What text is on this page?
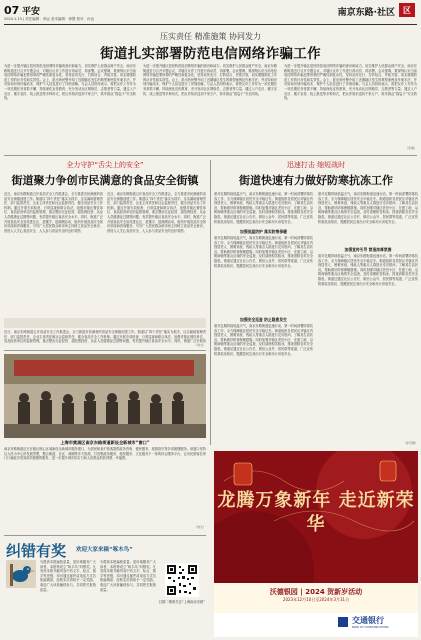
07 平安
2024.1.10 | 责任编辑：李远 美术编辑：徐慧 校对：孙良
南京东路·社区	区
压实责任 精准施策 协同发力
街道扎实部署防范电信网络诈骗工作
为进一步提升辖区居民防范电信网络诈骗的意识和能力，切实维护人民群众财产安全，南京东路街道近日召开专题会议，对辖区反诈工作进行再动员、再部署。会议强调，要深刻认识当前电信网络诈骗犯罪形势的严峻性和复杂性，坚持宣传先行、打防结合、齐抓共管，切实增强防范工作的针对性和实效性。会上，派出所民警介绍了近期辖区发生的典型案例及作案手法，并对如何识别诈骗话术、保护个人信息进行了详细讲解。与会人员纷纷表示，将把反诈工作作为一项长期任务常抓不懈，持续深化宣传教育，充分发动社区网格员、志愿者等力量，通过入户走访、楼宇宣传、线上推送等多种形式，把反诈知识送到千家万户，筑牢群众“钱袋子”安全防线。
为进一步提升辖区居民防范电信网络诈骗的意识和能力，切实维护人民群众财产安全，南京东路街道近日召开专题会议，对辖区反诈工作进行再动员、再部署。会议强调，要深刻认识当前电信网络诈骗犯罪形势的严峻性和复杂性，坚持宣传先行、打防结合、齐抓共管，切实增强防范工作的针对性和实效性。会上，派出所民警介绍了近期辖区发生的典型案例及作案手法，并对如何识别诈骗话术、保护个人信息进行了详细讲解。与会人员纷纷表示，将把反诈工作作为一项长期任务常抓不懈，持续深化宣传教育，充分发动社区网格员、志愿者等力量，通过入户走访、楼宇宣传、线上推送等多种形式，把反诈知识送到千家万户，筑牢群众“钱袋子”安全防线。
为进一步提升辖区居民防范电信网络诈骗的意识和能力，切实维护人民群众财产安全，南京东路街道近日召开专题会议，对辖区反诈工作进行再动员、再部署。会议强调，要深刻认识当前电信网络诈骗犯罪形势的严峻性和复杂性，坚持宣传先行、打防结合、齐抓共管，切实增强防范工作的针对性和实效性。会上，派出所民警介绍了近期辖区发生的典型案例及作案手法，并对如何识别诈骗话术、保护个人信息进行了详细讲解。与会人员纷纷表示，将把反诈工作作为一项长期任务常抓不懈，持续深化宣传教育，充分发动社区网格员、志愿者等力量，通过入户走访、楼宇宣传、线上推送等多种形式，把反诈知识送到千家万户，筑牢群众“钱袋子”安全防线。
（李瑜）
全力守护“舌尖上的安全”
街道聚力争创市民满意的食品安全街镇
近日，南京东路街道召开食品安全工作推进会，全力推进市民满意的食品安全街镇创建工作。街道以“四个责任”落实为抓手，压实属地管理责任、部门监管责任、企业主体责任和社会监督责任，健全食品安全工作机制。通过开展专项检查、日常巡查和联合执法，加强对辖区餐饮单位、食品经营单位的监督管理，重点整治无证经营、超范围经营、从业人员健康证过期等问题，有效提升辖区食品安全水平。同时，街道广泛开展食品安全宣传进社区、进楼宇、进商圈活动，组织开展食品安全知识讲座和咨询服务，引导广大居民群众和市场主体树立食品安全意识，营造人人关心食品安全、人人参与食品安全的良好氛围。
近日，南京东路街道召开食品安全工作推进会，全力推进市民满意的食品安全街镇创建工作。街道以“四个责任”落实为抓手，压实属地管理责任、部门监管责任、企业主体责任和社会监督责任，健全食品安全工作机制。通过开展专项检查、日常巡查和联合执法，加强对辖区餐饮单位、食品经营单位的监督管理，重点整治无证经营、超范围经营、从业人员健康证过期等问题，有效提升辖区食品安全水平。同时，街道广泛开展食品安全宣传进社区、进楼宇、进商圈活动，组织开展食品安全知识讲座和咨询服务，引导广大居民群众和市场主体树立食品安全意识，营造人人关心食品安全、人人参与食品安全的良好氛围。
近日，南京东路街道召开食品安全工作推进会，全力推进市民满意的食品安全街镇创建工作。街道以“四个责任”落实为抓手，压实属地管理责任、部门监管责任、企业主体责任和社会监督责任，健全食品安全工作机制。通过开展专项检查、日常巡查和联合执法，加强对辖区餐饮单位、食品经营单位的监督管理，重点整治无证经营、超范围经营、从业人员健康证过期等问题，有效提升辖区食品安全水平。同时，街道广泛开展食
（刘文）
迅速打击 缩短战时
街道快速有力做好防寒抗冻工作
面对近期持续低温天气，南京东路街道迅速行动，第一时间部署防寒抗冻工作，全力保障辖区居民安全平稳过冬。街道组织各居民区对辖区内独居老人、困难家庭、残疾人等重点人群进行走访慰问，了解其生活状况，帮助做好防寒保暖措施。同时加强对辖区老旧小区、在建工地、沿街商铺等重点区域的安全巡查，及时清理积雪积冰，排查消除各类安全隐患。街道还通过社区公告栏、微信公众号、居民群等渠道，广泛宣传防寒抗冻知识，提醒居民注意出行安全和用火用电安全。
加强低温防护 落实防寒保暖
面对近期持续低温天气，南京东路街道迅速行动，第一时间部署防寒抗冻工作，全力保障辖区居民安全平稳过冬。街道组织各居民区对辖区内独居老人、困难家庭、残疾人等重点人群进行走访慰问，了解其生活状况，帮助做好防寒保暖措施。同时加强对辖区老旧小区、在建工地、沿街商铺等重点区域的安全巡查，及时清理积雪积冰，排查消除各类安全隐患。街道还通过社区公告栏、微信公众号、居民群等渠道，广泛宣传防寒抗冻知识，提醒居民注意出行安全和用火用电安全。
加强安全巡查 防止隐患发生
面对近期持续低温天气，南京东路街道迅速行动，第一时间部署防寒抗冻工作，全力保障辖区居民安全平稳过冬。街道组织各居民区对辖区内独居老人、困难家庭、残疾人等重点人群进行走访慰问，了解其生活状况，帮助做好防寒保暖措施。同时加强对辖区老旧小区、在建工地、沿街商铺等重点区域的安全巡查，及时清理积雪积冰，排查消除各类安全隐患。街道还通过社区公告栏、微信公众号、居民群等渠道，广泛宣传防寒抗冻知识，提醒居民注意出行安全和用火用电安全。
面对近期持续低温天气，南京东路街道迅速行动，第一时间部署防寒抗冻工作，全力保障辖区居民安全平稳过冬。街道组织各居民区对辖区内独居老人、困难家庭、残疾人等重点人群进行走访慰问，了解其生活状况，帮助做好防寒保暖措施。同时加强对辖区老旧小区、在建工地、沿街商铺等重点区域的安全巡查，及时清理积雪积冰，排查消除各类安全隐患。街道还通过社区公告栏、微信公众号、居民群等渠道，广泛宣传防寒抗冻知识，提醒居民注意出行安全和用火用电安全。
加强宣传引导 营造浓厚氛围
面对近期持续低温天气，南京东路街道迅速行动，第一时间部署防寒抗冻工作，全力保障辖区居民安全平稳过冬。街道组织各居民区对辖区内独居老人、困难家庭、残疾人等重点人群进行走访慰问，了解其生活状况，帮助做好防寒保暖措施。同时加强对辖区老旧小区、在建工地、沿街商铺等重点区域的安全巡查，及时清理积雪积冰，排查消除各类安全隐患。街道还通过社区公告栏、微信公众号、居民群等渠道，广泛宣传防寒抗冻知识，提醒居民注意出行安全和用火用电安全。
（李茂雅）
上海市黄浦区南京东路街道新设全新城市“窗口”
南京东路街道近日在辖区核心区域新设全新城市服务窗口，为居民和来沪游客提供政务咨询、便民服务、旅游指引等多项便捷服务。该窗口坚持以人民为中心的发展思想，整合街道、社区、商圈等多方资源，打造集政务服务、便民服务、文化服务于一体的综合服务平台，让市民游客在家门口就能享受到高效便捷的服务，进一步提升城市软实力和人民群众的获得感、幸福感。
（刘文）
纠错有奖 欢迎大家来稿“啄木鸟”
为提高本报编校质量，更好地服务广大读者，本报特设立“啄木鸟”纠错奖。凡发现本报刊载内容中有文字、标点、数字等差错，均可通过邮件或电话方式告知编辑部，经核实后将给予一定奖励。欢迎广大读者踊跃参与，共同把关报纸质量。
为提高本报编校质量，更好地服务广大读者，本报特设立“啄木鸟”纠错奖。凡发现本报刊载内容中有文字、标点、数字等差错，均可通过邮件或电话方式告知编辑部，经核实后将给予一定奖励。欢迎广大读者踊跃参与，共同把关报纸质量。
扫描二维码关注“上海南京东路”
龙腾万象新年 走近新荣华
沃德银园 | 2024 贺新岁活动
2023年12月10日至2024年3月31日
交通银行
BANK OF COMMUNICATIONS
